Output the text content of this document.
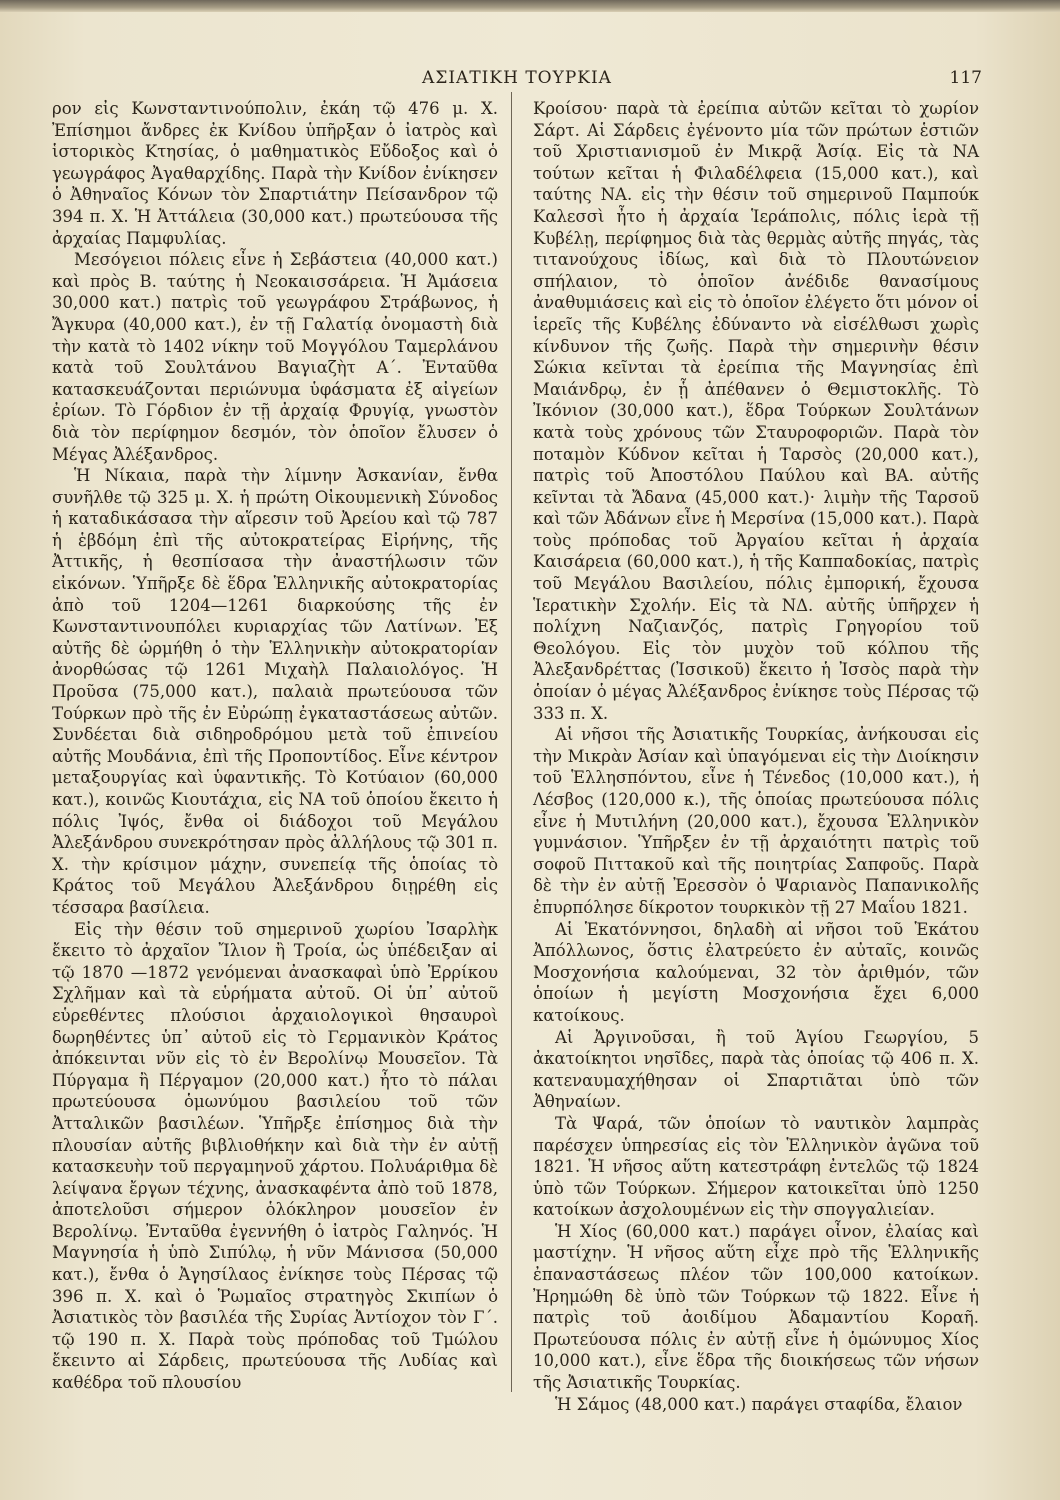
ΑΣΙΑΤΙΚΗ ΤΟΥΡΚΙΑ	117

ρον εἰς Κωνσταντινούπολιν, ἐκάη τῷ 476 μ. Χ. Ἐπίσημοι ἄνδρες ἐκ Κνίδου ὑπῆρξαν ὁ ἰατρὸς καὶ ἱστορικὸς Κτησίας, ὁ μαθηματικὸς Εὔδοξος καὶ ὁ γεωγράφος Ἀγαθαρχίδης. Παρὰ τὴν Κνίδον ἐνίκησεν ὁ Ἀθηναῖος Κόνων τὸν Σπαρτιάτην Πείσανδρον τῷ 394 π. Χ. Ἡ Ἀττάλεια (30,000 κατ.) πρωτεύουσα τῆς ἀρχαίας Παμφυλίας.

Μεσόγειοι πόλεις εἶνε ἡ Σεβάστεια (40,000 κατ.) καὶ πρὸς Β. ταύτης ἡ Νεοκαισσάρεια. Ἡ Ἀμάσεια 30,000 κατ.) πατρὶς τοῦ γεωγράφου Στράβωνος, ἡ Ἄγκυρα (40,000 κατ.), ἐν τῇ Γαλατίᾳ ὀνομαστὴ διὰ τὴν κατὰ τὸ 1402 νίκην τοῦ Μογγόλου Ταμερλάνου κατὰ τοῦ Σουλτάνου Βαγιαζὴτ Α΄. Ἐνταῦθα κατασκευάζονται περιώνυμα ὑφάσματα ἐξ αἰγείων ἐρίων. Τὸ Γόρδιον ἐν τῇ ἀρχαίᾳ Φρυγίᾳ, γνωστὸν διὰ τὸν περίφημον δεσμόν, τὸν ὁποῖον ἔλυσεν ὁ Μέγας Ἀλέξανδρος.

Ἡ Νίκαια, παρὰ τὴν λίμνην Ἀσκανίαν, ἔνθα συνῆλθε τῷ 325 μ. Χ. ἡ πρώτη Οἰκουμενικὴ Σύνοδος ἡ καταδικάσασα τὴν αἵρεσιν τοῦ Ἀρείου καὶ τῷ 787 ἡ ἑβδόμη ἐπὶ τῆς αὐτοκρατείρας Εἰρήνης, τῆς Ἀττικῆς, ἡ θεσπίσασα τὴν ἀναστήλωσιν τῶν εἰκόνων. Ὑπῆρξε δὲ ἕδρα Ἑλληνικῆς αὐτοκρατορίας ἀπὸ τοῦ 1204—1261 διαρκούσης τῆς ἐν Κωνσταντινουπόλει κυριαρχίας τῶν Λατίνων. Ἐξ αὐτῆς δὲ ὡρμήθη ὁ τὴν Ἑλληνικὴν αὐτοκρατορίαν ἀνορθώσας τῷ 1261 Μιχαὴλ Παλαιολόγος. Ἡ Προῦσα (75,000 κατ.), παλαιὰ πρωτεύουσα τῶν Τούρκων πρὸ τῆς ἐν Εὐρώπῃ ἐγκαταστάσεως αὐτῶν. Συνδέεται διὰ σιδηροδρόμου μετὰ τοῦ ἐπινείου αὐτῆς Μουδάνια, ἐπὶ τῆς Προποντίδος. Εἶνε κέντρον μεταξουργίας καὶ ὑφαντικῆς. Τὸ Κοτύαιον (60,000 κατ.), κοινῶς Κιουτάχια, εἰς ΝΑ τοῦ ὁποίου ἔκειτο ἡ πόλις Ἰψός, ἔνθα οἱ διάδοχοι τοῦ Μεγάλου Ἀλεξάνδρου συνεκρότησαν πρὸς ἀλλήλους τῷ 301 π. Χ. τὴν κρίσιμον μάχην, συνεπείᾳ τῆς ὁποίας τὸ Κράτος τοῦ Μεγάλου Ἀλεξάνδρου διῃρέθη εἰς τέσσαρα βασίλεια.

Εἰς τὴν θέσιν τοῦ σημερινοῦ χωρίου Ἰσαρλὴκ ἔκειτο τὸ ἀρχαῖον Ἴλιον ἢ Τροία, ὡς ὑπέδειξαν αἱ τῷ 1870 —1872 γενόμεναι ἀνασκαφαὶ ὑπὸ Ἐρρίκου Σχλῆμαν καὶ τὰ εὑρήματα αὐτοῦ. Οἱ ὑπ᾽ αὐτοῦ εὑρεθέντες πλούσιοι ἀρχαιολογικοὶ θησαυροὶ δωρηθέντες ὑπ᾽ αὐτοῦ εἰς τὸ Γερμανικὸν Κράτος ἀπόκεινται νῦν εἰς τὸ ἐν Βερολίνῳ Μουσεῖον. Τὰ Πύργαμα ἢ Πέργαμον (20,000 κατ.) ἦτο τὸ πάλαι πρωτεύουσα ὁμωνύμου βασιλείου τοῦ τῶν Ἀτταλικῶν βασιλέων. Ὑπῆρξε ἐπίσημος διὰ τὴν πλουσίαν αὐτῆς βιβλιοθήκην καὶ διὰ τὴν ἐν αὐτῇ κατασκευὴν τοῦ περγαμηνοῦ χάρτου. Πολυάριθμα δὲ λείψανα ἔργων τέχνης, ἀνασκαφέντα ἀπὸ τοῦ 1878, ἀποτελοῦσι σήμερον ὁλόκληρον μουσεῖον ἐν Βερολίνῳ. Ἐνταῦθα ἐγεννήθη ὁ ἰατρὸς Γαληνός. Ἡ Μαγνησία ἡ ὑπὸ Σιπύλῳ, ἡ νῦν Μάνισσα (50,000 κατ.), ἔνθα ὁ Ἀγησίλαος ἐνίκησε τοὺς Πέρσας τῷ 396 π. Χ. καὶ ὁ Ῥωμαῖος στρατηγὸς Σκιπίων ὁ Ἀσιατικὸς τὸν βασιλέα τῆς Συρίας Ἀντίοχον τὸν Γ΄. τῷ 190 π. Χ. Παρὰ τοὺς πρόποδας τοῦ Τμώλου ἔκειντο αἱ Σάρδεις, πρωτεύουσα τῆς Λυδίας καὶ καθέδρα τοῦ πλουσίου

Κροίσου· παρὰ τὰ ἐρείπια αὐτῶν κεῖται τὸ χωρίον Σάρτ. Αἱ Σάρδεις ἐγένοντο μία τῶν πρώτων ἑστιῶν τοῦ Χριστιανισμοῦ ἐν Μικρᾷ Ἀσίᾳ. Εἰς τὰ ΝΑ τούτων κεῖται ἡ Φιλαδέλφεια (15,000 κατ.), καὶ ταύτης ΝΑ. εἰς τὴν θέσιν τοῦ σημερινοῦ Παμπούκ Καλεσσὶ ἦτο ἡ ἀρχαία Ἱεράπολις, πόλις ἱερὰ τῇ Κυβέλῃ, περίφημος διὰ τὰς θερμὰς αὐτῆς πηγάς, τὰς τιτανούχους ἰδίως, καὶ διὰ τὸ Πλουτώνειον σπήλαιον, τὸ ὁποῖον ἀνέδιδε θανασίμους ἀναθυμιάσεις καὶ εἰς τὸ ὁποῖον ἐλέγετο ὅτι μόνον οἱ ἱερεῖς τῆς Κυβέλης ἐδύναντο νὰ εἰσέλθωσι χωρὶς κίνδυνον τῆς ζωῆς. Παρὰ τὴν σημερινὴν θέσιν Σώκια κεῖνται τὰ ἐρείπια τῆς Μαγνησίας ἐπὶ Μαιάνδρῳ, ἐν ᾗ ἀπέθανεν ὁ Θεμιστοκλῆς. Τὸ Ἰκόνιον (30,000 κατ.), ἕδρα Τούρκων Σουλτάνων κατὰ τοὺς χρόνους τῶν Σταυροφοριῶν. Παρὰ τὸν ποταμὸν Κύδνον κεῖται ἡ Ταρσὸς (20,000 κατ.), πατρὶς τοῦ Ἀποστόλου Παύλου καὶ ΒΑ. αὐτῆς κεῖνται τὰ Ἄδανα (45,000 κατ.)· λιμὴν τῆς Ταρσοῦ καὶ τῶν Ἀδάνων εἶνε ἡ Μερσίνα (15,000 κατ.). Παρὰ τοὺς πρόποδας τοῦ Ἀργαίου κεῖται ἡ ἀρχαία Καισάρεια (60,000 κατ.), ἡ τῆς Καππαδοκίας, πατρὶς τοῦ Μεγάλου Βασιλείου, πόλις ἐμπορική, ἔχουσα Ἱερατικὴν Σχολήν. Εἰς τὰ ΝΔ. αὐτῆς ὑπῆρχεν ἡ πολίχνη Ναζιανζός, πατρὶς Γρηγορίου τοῦ Θεολόγου. Εἰς τὸν μυχὸν τοῦ κόλπου τῆς Ἀλεξανδρέττας (Ἰσσικοῦ) ἔκειτο ἡ Ἰσσὸς παρὰ τὴν ὁποίαν ὁ μέγας Ἀλέξανδρος ἐνίκησε τοὺς Πέρσας τῷ 333 π. Χ.

Αἱ νῆσοι τῆς Ἀσιατικῆς Τουρκίας, ἀνήκουσαι εἰς τὴν Μικρὰν Ἀσίαν καὶ ὑπαγόμεναι εἰς τὴν Διοίκησιν τοῦ Ἑλλησπόντου, εἶνε ἡ Τένεδος (10,000 κατ.), ἡ Λέσβος (120,000 κ.), τῆς ὁποίας πρωτεύουσα πόλις εἶνε ἡ Μυτιλήνη (20,000 κατ.), ἔχουσα Ἑλληνικὸν γυμνάσιον. Ὑπῆρξεν ἐν τῇ ἀρχαιότητι πατρὶς τοῦ σοφοῦ Πιττακοῦ καὶ τῆς ποιητρίας Σαπφοῦς. Παρὰ δὲ τὴν ἐν αὐτῇ Ἐρεσσὸν ὁ Ψαριανὸς Παπανικολῆς ἐπυρπόλησε δίκροτον τουρκικὸν τῇ 27 Μαΐου 1821.

Αἱ Ἑκατόννησοι, δηλαδὴ αἱ νῆσοι τοῦ Ἑκάτου Ἀπόλλωνος, ὅστις ἐλατρεύετο ἐν αὐταῖς, κοινῶς Μοσχονήσια καλούμεναι, 32 τὸν ἀριθμόν, τῶν ὁποίων ἡ μεγίστη Μοσχονήσια ἔχει 6,000 κατοίκους.

Αἱ Ἀργινοῦσαι, ἢ τοῦ Ἁγίου Γεωργίου, 5 ἀκατοίκητοι νησῖδες, παρὰ τὰς ὁποίας τῷ 406 π. Χ. κατεναυμαχήθησαν οἱ Σπαρτιᾶται ὑπὸ τῶν Ἀθηναίων.

Τὰ Ψαρά, τῶν ὁποίων τὸ ναυτικὸν λαμπρὰς παρέσχεν ὑπηρεσίας εἰς τὸν Ἑλληνικὸν ἀγῶνα τοῦ 1821. Ἡ νῆσος αὕτη κατεστράφη ἐντελῶς τῷ 1824 ὑπὸ τῶν Τούρκων. Σήμερον κατοικεῖται ὑπὸ 1250 κατοίκων ἀσχολουμένων εἰς τὴν σπογγαλιείαν.

Ἡ Χίος (60,000 κατ.) παράγει οἶνον, ἐλαίας καὶ μαστίχην. Ἡ νῆσος αὕτη εἶχε πρὸ τῆς Ἑλληνικῆς ἐπαναστάσεως πλέον τῶν 100,000 κατοίκων. Ἠρημώθη δὲ ὑπὸ τῶν Τούρκων τῷ 1822. Εἶνε ἡ πατρὶς τοῦ ἀοιδίμου Ἀδαμαντίου Κοραῆ. Πρωτεύουσα πόλις ἐν αὐτῇ εἶνε ἡ ὁμώνυμος Χίος 10,000 κατ.), εἶνε ἕδρα τῆς διοικήσεως τῶν νήσων τῆς Ἀσιατικῆς Τουρκίας.

Ἡ Σάμος (48,000 κατ.) παράγει σταφίδα, ἔλαιον
